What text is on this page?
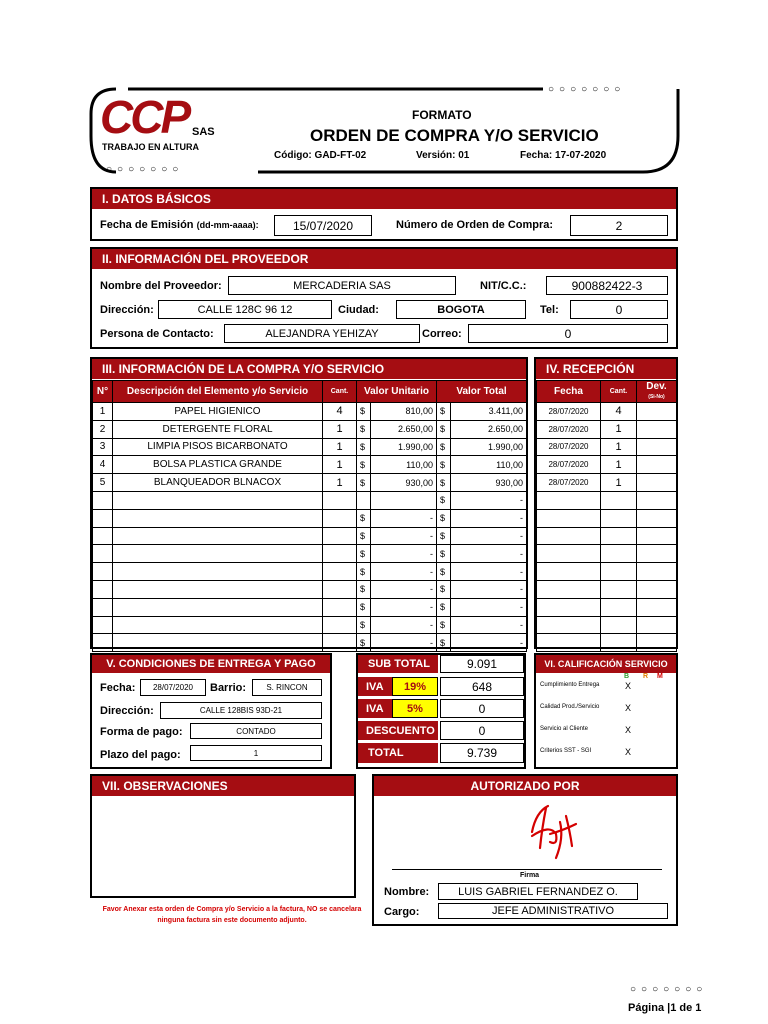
○○○○○○○
○○○○○○○
CCP SAS
TRABAJO EN ALTURA
FORMATO
ORDEN DE COMPRA Y/O SERVICIO
Código: GAD-FT-02	Versión: 01	Fecha: 17-07-2020
I. DATOS BÁSICOS
Fecha de Emisión (dd-mm-aaaa):	15/07/2020	Número de Orden de Compra:	2
II. INFORMACIÓN DEL PROVEEDOR
Nombre del Proveedor:	MERCADERIA SAS	NIT/C.C.:	900882422-3
Dirección:	CALLE 128C 96 12	Ciudad:	BOGOTA	Tel:	0
Persona de Contacto:	ALEJANDRA YEHIZAY	Correo:	0
III. INFORMACIÓN DE LA COMPRA Y/O SERVICIO
N°	Descripción del Elemento y/o Servicio	Cant.	Valor Unitario		Valor Total	
1	PAPEL HIGIENICO	4	$	810,00	$	3.411,00
2	DETERGENTE FLORAL	1	$	2.650,00	$	2.650,00
3	LIMPIA PISOS BICARBONATO	1	$	1.990,00	$	1.990,00
4	BOLSA PLASTICA GRANDE	1	$	110,00	$	110,00
5	BLANQUEADOR BLNACOX	1	$	930,00	$	930,00
					$	-
			$	-	$	-
			$	-	$	-
			$	-	$	-
			$	-	$	-
			$	-	$	-
			$	-	$	-
			$	-	$	-
			$	-	$	-
IV. RECEPCIÓN
Fecha	Cant.	Dev.
(Si-No)
28/07/2020	4	
28/07/2020	1	
28/07/2020	1	
28/07/2020	1	
28/07/2020	1	

V. CONDICIONES DE ENTREGA Y PAGO
Fecha:	28/07/2020	Barrio:	S. RINCON
Dirección:	CALLE 128BIS 93D-21
Forma de pago:	CONTADO
Plazo del pago:	1
SUB TOTAL	9.091
IVA	19%	648
IVA	5%	0
DESCUENTO	0
TOTAL	9.739
VI. CALIFICACIÓN SERVICIO
B R M
Cumplimiento Entrega	X
Calidad Prod./Servicio	X
Servicio al Cliente	X
Criterios SST - SGI	X
VII. OBSERVACIONES
Favor Anexar esta orden de Compra y/o Servicio a la factura, NO se cancelara ninguna factura sin este documento adjunto.
AUTORIZADO POR
Firma
Nombre:	LUIS GABRIEL FERNANDEZ O.
Cargo:	JEFE ADMINISTRATIVO
○○○○○○○
Página |1 de 1
